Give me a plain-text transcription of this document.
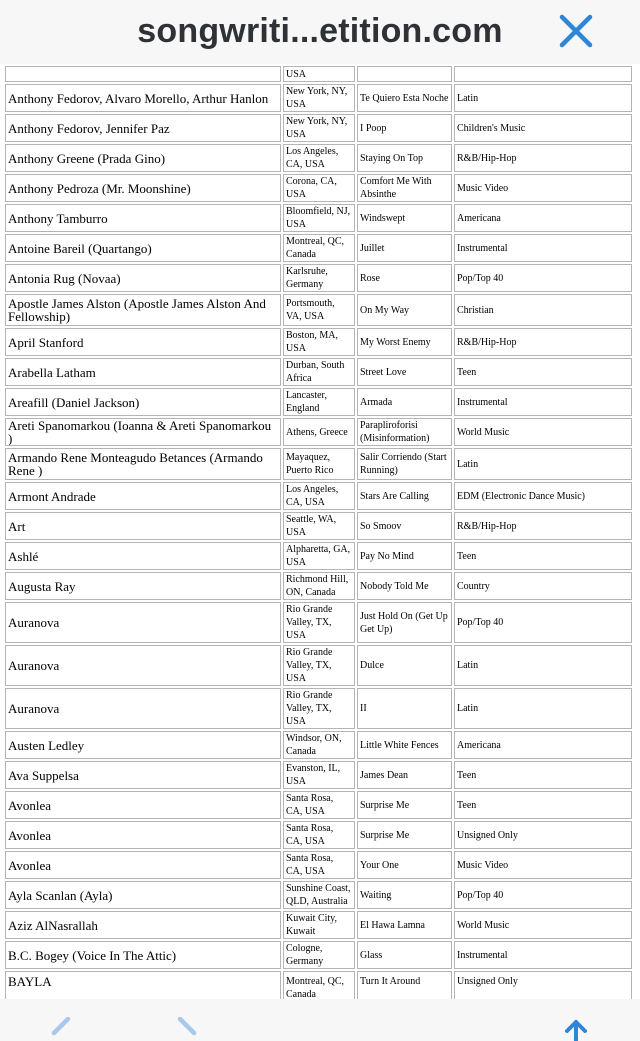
songwriti...etition.com
	USA		
Anthony Fedorov, Alvaro Morello, Arthur Hanlon	New York, NY, USA	Te Quiero Esta Noche	Latin
Anthony Fedorov, Jennifer Paz	New York, NY, USA	I Poop	Children's Music
Anthony Greene (Prada Gino)	Los Angeles, CA, USA	Staying On Top	R&B/Hip-Hop
Anthony Pedroza (Mr. Moonshine)	Corona, CA, USA	Comfort Me With Absinthe	Music Video
Anthony Tamburro	Bloomfield, NJ, USA	Windswept	Americana
Antoine Bareil (Quartango)	Montreal, QC, Canada	Juillet	Instrumental
Antonia Rug (Novaa)	Karlsruhe, Germany	Rose	Pop/Top 40
Apostle James Alston (Apostle James Alston And Fellowship)	Portsmouth, VA, USA	On My Way	Christian
April Stanford	Boston, MA, USA	My Worst Enemy	R&B/Hip-Hop
Arabella Latham	Durban, South Africa	Street Love	Teen
Areafill (Daniel Jackson)	Lancaster, England	Armada	Instrumental
Areti Spanomarkou (Ioanna & Areti Spanomarkou )	Athens, Greece	Parapliroforisi (Misinformation)	World Music
Armando Rene Monteagudo Betances (Armando Rene )	Mayaquez, Puerto Rico	Salir Corriendo (Start Running)	Latin
Armont Andrade	Los Angeles, CA, USA	Stars Are Calling	EDM (Electronic Dance Music)
Art	Seattle, WA, USA	So Smoov	R&B/Hip-Hop
Ashlé	Alpharetta, GA, USA	Pay No Mind	Teen
Augusta Ray	Richmond Hill, ON, Canada	Nobody Told Me	Country
Auranova	Rio Grande Valley, TX, USA	Just Hold On (Get Up Get Up)	Pop/Top 40
Auranova	Rio Grande Valley, TX, USA	Dulce	Latin
Auranova	Rio Grande Valley, TX, USA	II	Latin
Austen Ledley	Windsor, ON, Canada	Little White Fences	Americana
Ava Suppelsa	Evanston, IL, USA	James Dean	Teen
Avonlea	Santa Rosa, CA, USA	Surprise Me	Teen
Avonlea	Santa Rosa, CA, USA	Surprise Me	Unsigned Only
Avonlea	Santa Rosa, CA, USA	Your One	Music Video
Ayla Scanlan (Ayla)	Sunshine Coast, QLD, Australia	Waiting	Pop/Top 40
Aziz AlNasrallah	Kuwait City, Kuwait	El Hawa Lamna	World Music
B.C. Bogey (Voice In The Attic)	Cologne, Germany	Glass	Instrumental
BAYLA	Montreal, QC, Canada	Turn It Around	Unsigned Only
